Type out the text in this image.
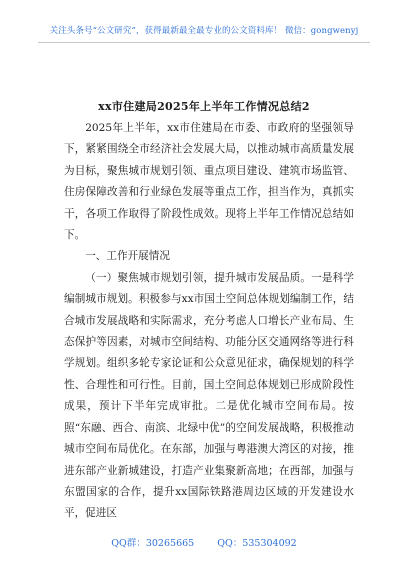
关注头条号“公文研究”，获得最新最全最专业的公文资料库！ 微信：gongwenyj
xx市住建局2025年上半年工作情况总结2

2025年上半年，xx市住建局在市委、市政府的坚强领导下，紧紧围绕全市经济社会发展大局，以推动城市高质量发展为目标，聚焦城市规划引领、重点项目建设、建筑市场监管、住房保障改善和行业绿色发展等重点工作，担当作为，真抓实干，各项工作取得了阶段性成效。现将上半年工作情况总结如下。

一、工作开展情况

（一）聚焦城市规划引领，提升城市发展品质。一是科学编制城市规划。积极参与xx市国土空间总体规划编制工作，结合城市发展战略和实际需求，充分考虑人口增长产业布局、生态保护等因素，对城市空间结构、功能分区交通网络等进行科学规划。组织多轮专家论证和公众意见征求，确保规划的科学性、合理性和可行性。目前，国土空间总体规划已形成阶段性成果，预计下半年完成审批。二是优化城市空间布局。按照“东融、西合、南滨、北绿中优”的空间发展战略，积极推动城市空间布局优化。在东部，加强与粤港澳大湾区的对接，推进东部产业新城建设，打造产业集聚新高地；在西部，加强与东盟国家的合作，提升xx国际铁路港周边区域的开发建设水平，促进区

QQ群：30265665 QQ：535304092
